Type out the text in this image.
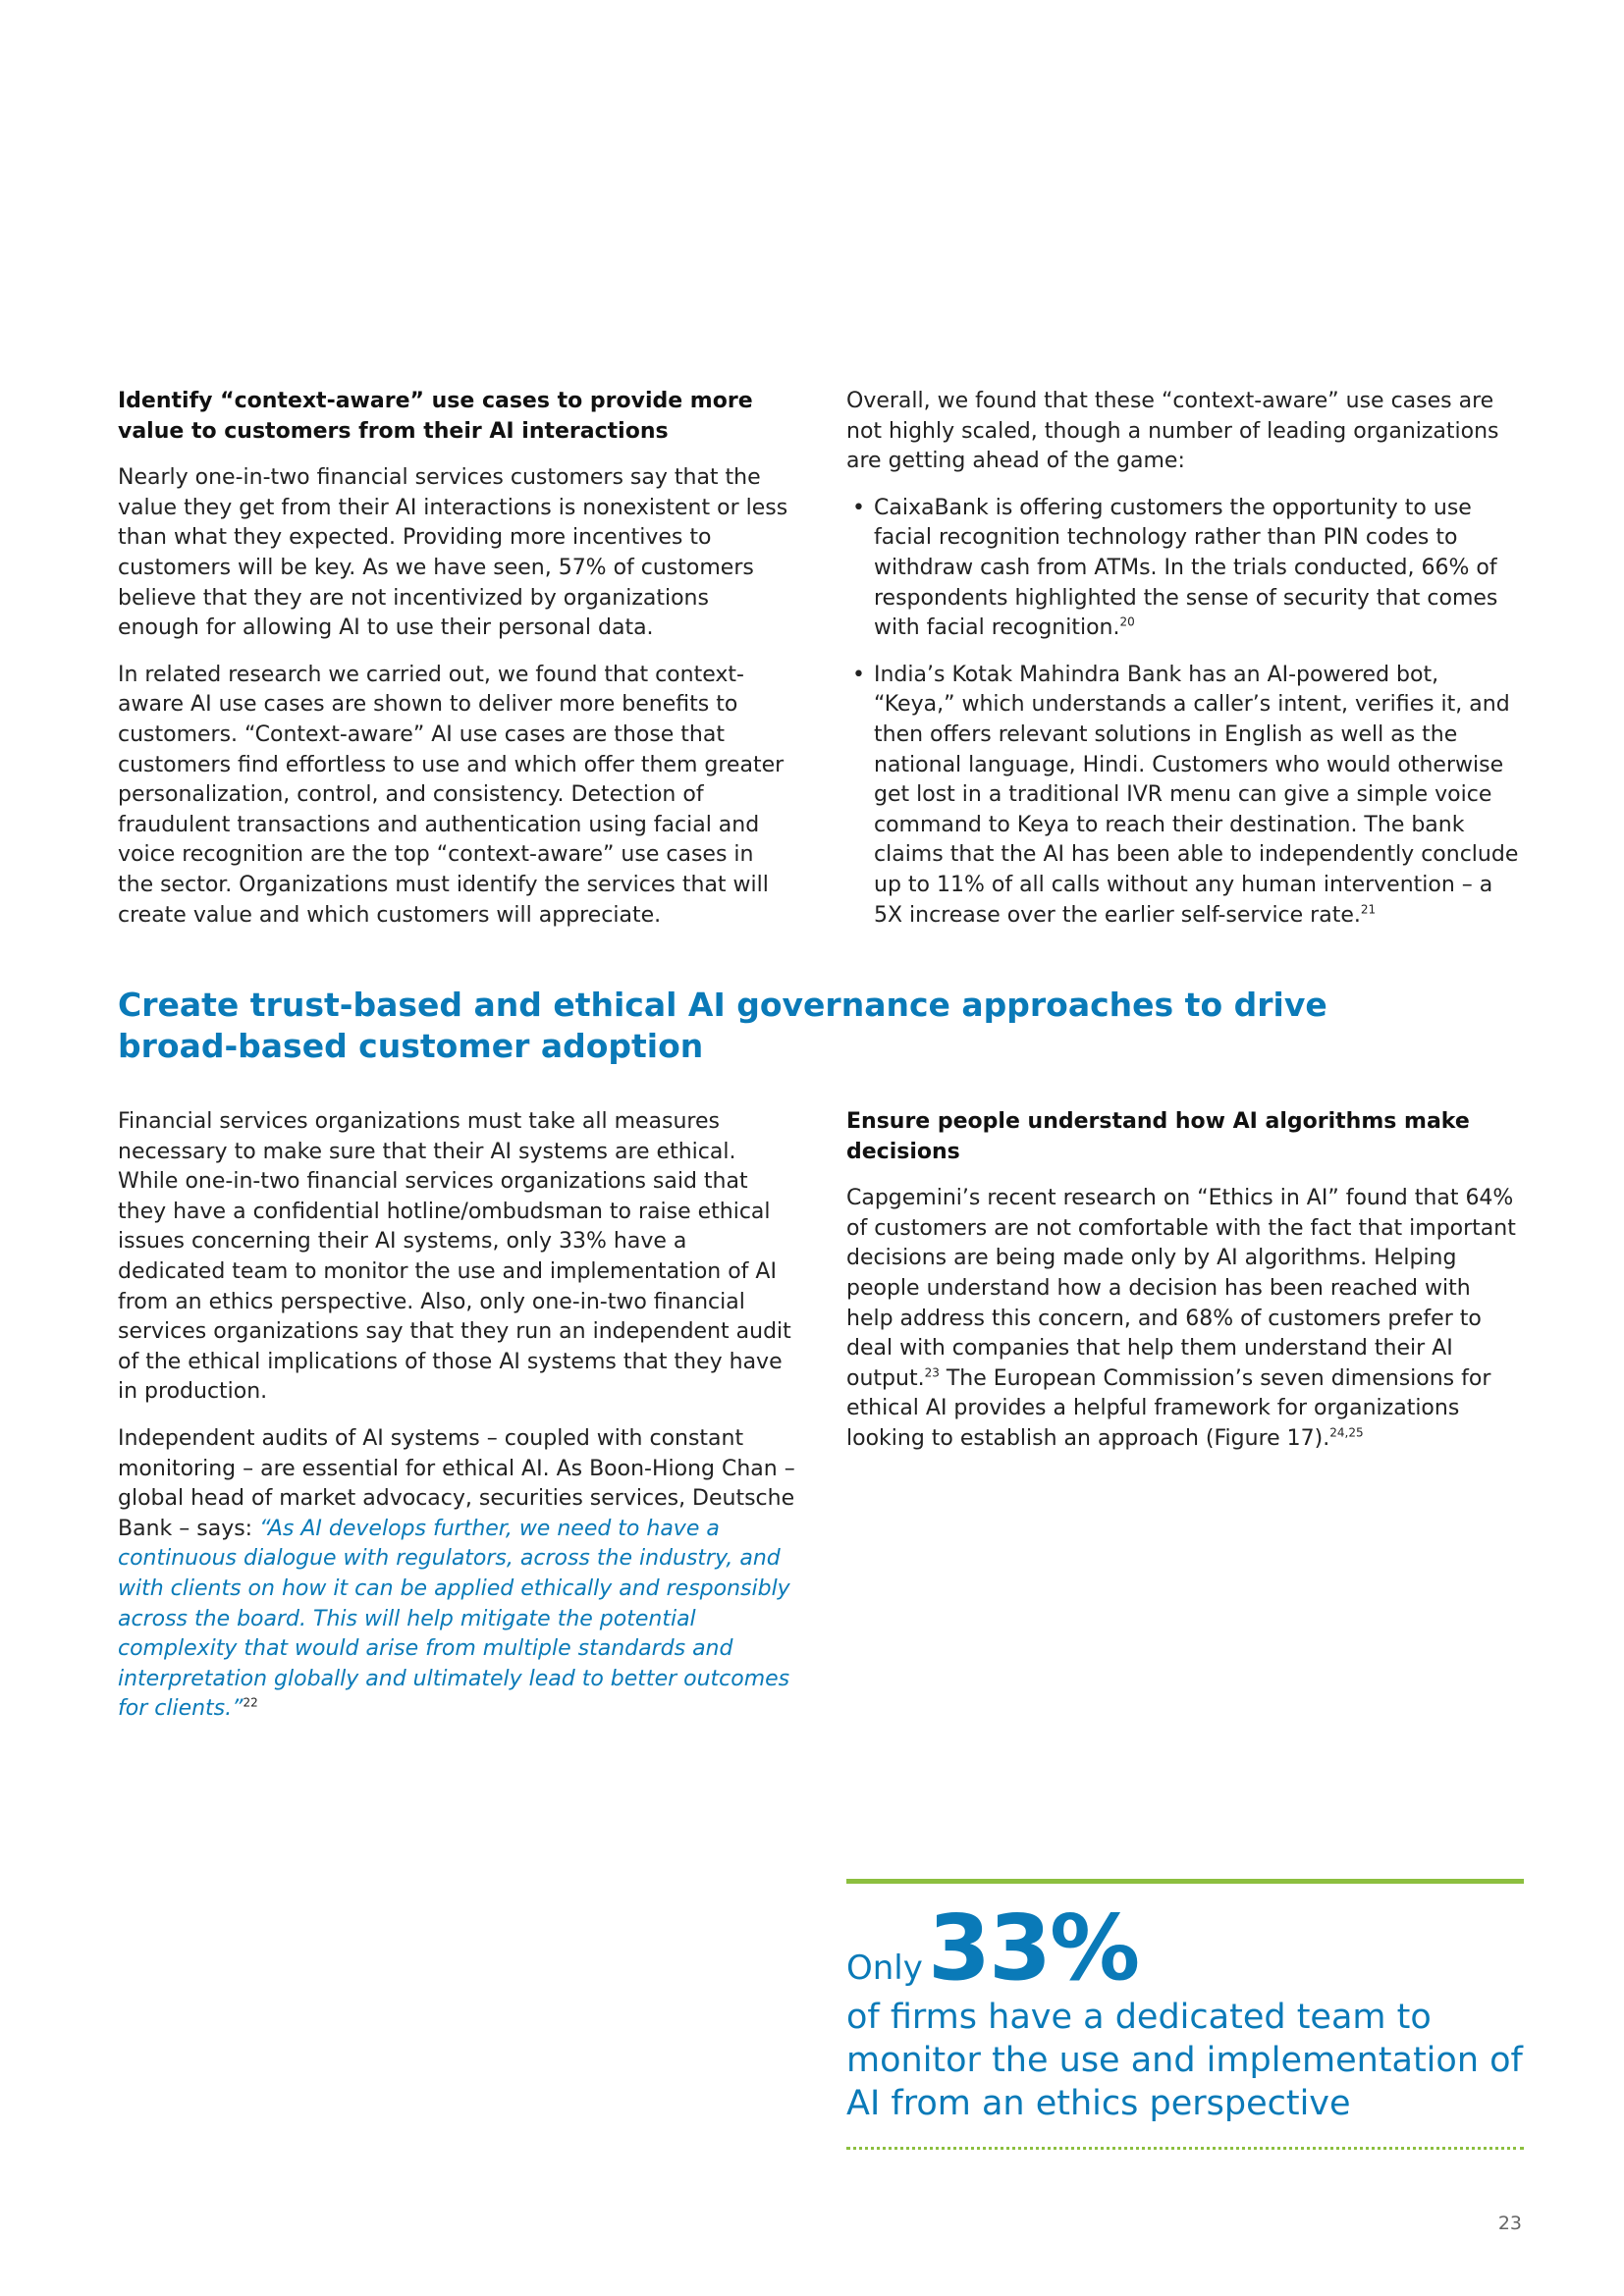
Identify “context-aware” use cases to provide more value to customers from their AI interactions

Nearly one-in-two financial services customers say that the value they get from their AI interactions is nonexistent or less than what they expected. Providing more incentives to customers will be key. As we have seen, 57% of customers believe that they are not incentivized by organizations enough for allowing AI to use their personal data.

In related research we carried out, we found that context-aware AI use cases are shown to deliver more benefits to customers. “Context-aware” AI use cases are those that customers find effortless to use and which offer them greater personalization, control, and consistency. Detection of fraudulent transactions and authentication using facial and voice recognition are the top “context-aware” use cases in the sector. Organizations must identify the services that will create value and which customers will appreciate.

Overall, we found that these “context-aware” use cases are not highly scaled, though a number of leading organizations are getting ahead of the game:

• CaixaBank is offering customers the opportunity to use facial recognition technology rather than PIN codes to withdraw cash from ATMs. In the trials conducted, 66% of respondents highlighted the sense of security that comes with facial recognition.$^{20}$
• India’s Kotak Mahindra Bank has an AI-powered bot, “Keya,” which understands a caller’s intent, verifies it, and then offers relevant solutions in English as well as the national language, Hindi. Customers who would otherwise get lost in a traditional IVR menu can give a simple voice command to Keya to reach their destination. The bank claims that the AI has been able to independently conclude up to 11% of all calls without any human intervention – a 5X increase over the earlier self-service rate.$^{21}$
Create trust-based and ethical AI governance approaches to drive broad-based customer adoption

Financial services organizations must take all measures necessary to make sure that their AI systems are ethical. While one-in-two financial services organizations said that they have a confidential hotline/ombudsman to raise ethical issues concerning their AI systems, only 33% have a dedicated team to monitor the use and implementation of AI from an ethics perspective. Also, only one-in-two financial services organizations say that they run an independent audit of the ethical implications of those AI systems that they have in production.

Independent audits of AI systems – coupled with constant monitoring – are essential for ethical AI. As Boon-Hiong Chan – global head of market advocacy, securities services, Deutsche Bank – says: “As AI develops further, we need to have a continuous dialogue with regulators, across the industry, and with clients on how it can be applied ethically and responsibly across the board. This will help mitigate the potential complexity that would arise from multiple standards and interpretation globally and ultimately lead to better outcomes for clients.”$^{22}$

Ensure people understand how AI algorithms make decisions

Capgemini’s recent research on “Ethics in AI” found that 64% of customers are not comfortable with the fact that important decisions are being made only by AI algorithms. Helping people understand how a decision has been reached with help address this concern, and 68% of customers prefer to deal with companies that help them understand their AI output.$^{23}$ The European Commission’s seven dimensions for ethical AI provides a helpful framework for organizations looking to establish an approach (Figure 17).$^{24,25}$

Only 33%
of firms have a dedicated team to monitor the use and implementation of AI from an ethics perspective
23
